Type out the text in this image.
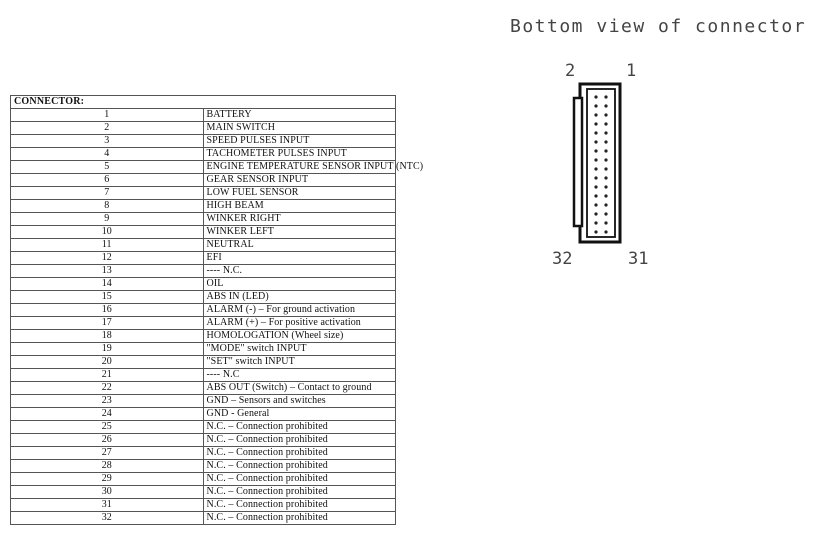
CONNECTOR:	
1	BATTERY
2	MAIN SWITCH
3	SPEED PULSES INPUT
4	TACHOMETER PULSES INPUT
5	ENGINE TEMPERATURE SENSOR INPUT (NTC)
6	GEAR SENSOR INPUT
7	LOW FUEL SENSOR
8	HIGH BEAM
9	WINKER RIGHT
10	WINKER LEFT
11	NEUTRAL
12	EFI
13	---- N.C.
14	OIL
15	ABS IN (LED)
16	ALARM (-) – For ground activation
17	ALARM (+) – For positive activation
18	HOMOLOGATION (Wheel size)
19	"MODE" switch INPUT
20	"SET" switch INPUT
21	---- N.C
22	ABS OUT (Switch) – Contact to ground
23	GND – Sensors and switches
24	GND - General
25	N.C. – Connection prohibited
26	N.C. – Connection prohibited
27	N.C. – Connection prohibited
28	N.C. – Connection prohibited
29	N.C. – Connection prohibited
30	N.C. – Connection prohibited
31	N.C. – Connection prohibited
32	N.C. – Connection prohibited
Bottom view of connector
2	1
32	31
